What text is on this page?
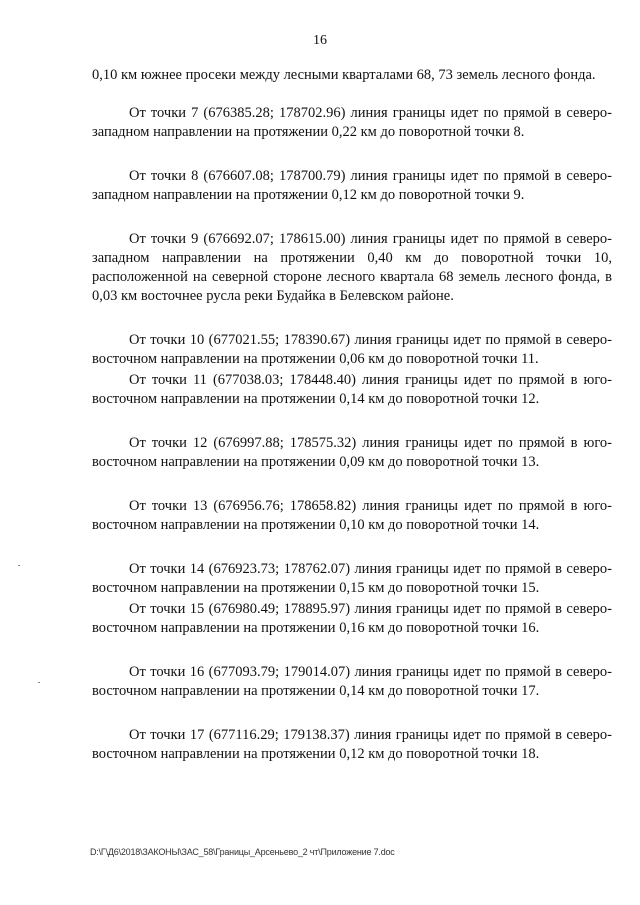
16

0,10 км южнее просеки между лесными кварталами 68, 73 земель лесного фонда.

От точки 7 (676385.28; 178702.96) линия границы идет по прямой в северо-западном направлении на протяжении 0,22 км до поворотной точки 8.

От точки 8 (676607.08; 178700.79) линия границы идет по прямой в северо-западном направлении на протяжении 0,12 км до поворотной точки 9.

От точки 9 (676692.07; 178615.00) линия границы идет по прямой в северо-западном направлении на протяжении 0,40 км до поворотной точки 10, расположенной на северной стороне лесного квартала 68 земель лесного фонда, в 0,03 км восточнее русла реки Будайка в Белевском районе.

От точки 10 (677021.55; 178390.67) линия границы идет по прямой в северо-восточном направлении на протяжении 0,06 км до поворотной точки 11.

От точки 11 (677038.03; 178448.40) линия границы идет по прямой в юго-восточном направлении на протяжении 0,14 км до поворотной точки 12.

От точки 12 (676997.88; 178575.32) линия границы идет по прямой в юго-восточном направлении на протяжении 0,09 км до поворотной точки 13.

От точки 13 (676956.76; 178658.82) линия границы идет по прямой в юго-восточном направлении на протяжении 0,10 км до поворотной точки 14.

От точки 14 (676923.73; 178762.07) линия границы идет по прямой в северо-восточном направлении на протяжении 0,15 км до поворотной точки 15.

От точки 15 (676980.49; 178895.97) линия границы идет по прямой в северо-восточном направлении на протяжении 0,16 км до поворотной точки 16.

От точки 16 (677093.79; 179014.07) линия границы идет по прямой в северо-восточном направлении на протяжении 0,14 км до поворотной точки 17.

От точки 17 (677116.29; 179138.37) линия границы идет по прямой в северо-восточном направлении на протяжении 0,12 км до поворотной точки 18.

D:\Г\Д6\2018\ЗАКОНЫ\ЗАС_58\Границы_Арсеньево_2 чт\Приложение 7.doc
